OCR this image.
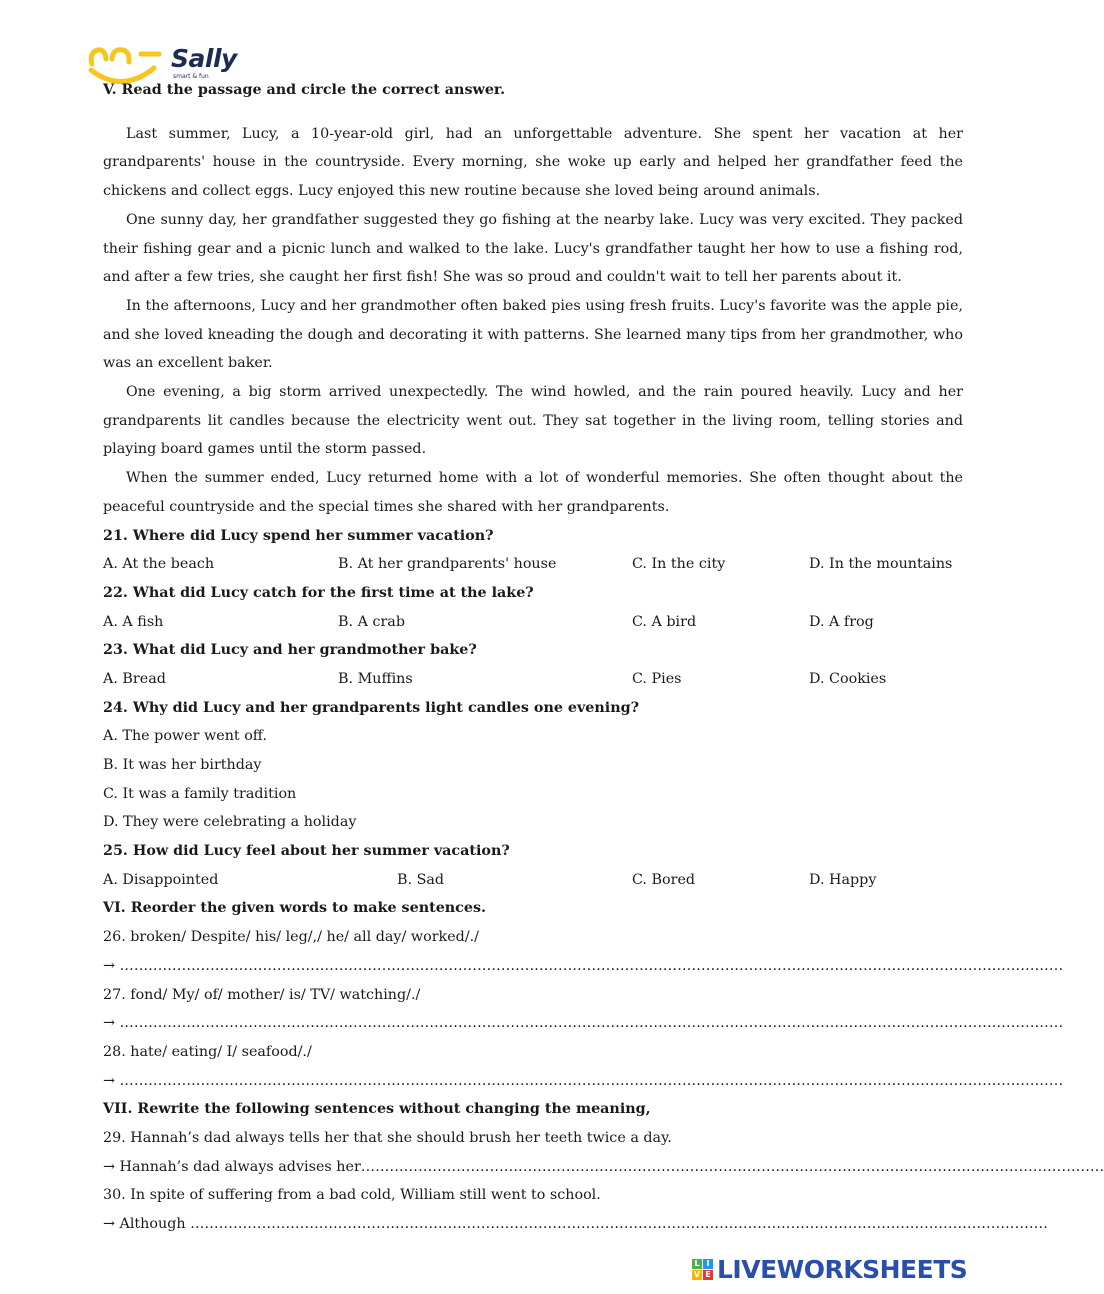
Sally
smart & fun
V. Read the passage and circle the correct answer.

Last summer, Lucy, a 10-year-old girl, had an unforgettable adventure. She spent her vacation at her grandparents' house in the countryside. Every morning, she woke up early and helped her grandfather feed the chickens and collect eggs. Lucy enjoyed this new routine because she loved being around animals.

One sunny day, her grandfather suggested they go fishing at the nearby lake. Lucy was very excited. They packed their fishing gear and a picnic lunch and walked to the lake. Lucy's grandfather taught her how to use a fishing rod, and after a few tries, she caught her first fish! She was so proud and couldn't wait to tell her parents about it.

In the afternoons, Lucy and her grandmother often baked pies using fresh fruits. Lucy's favorite was the apple pie, and she loved kneading the dough and decorating it with patterns. She learned many tips from her grandmother, who was an excellent baker.

One evening, a big storm arrived unexpectedly. The wind howled, and the rain poured heavily. Lucy and her grandparents lit candles because the electricity went out. They sat together in the living room, telling stories and playing board games until the storm passed.

When the summer ended, Lucy returned home with a lot of wonderful memories. She often thought about the peaceful countryside and the special times she shared with her grandparents.

21. Where did Lucy spend her summer vacation?
A. At the beach	B. At her grandparents' house	C. In the city	D. In the mountains
22. What did Lucy catch for the first time at the lake?
A. A fish	B. A crab	C. A bird	D. A frog
23. What did Lucy and her grandmother bake?
A. Bread	B. Muffins	C. Pies	D. Cookies
24. Why did Lucy and her grandparents light candles one evening?
A. The power went off.
B. It was her birthday
C. It was a family tradition
D. They were celebrating a holiday
25. How did Lucy feel about her summer vacation?
A. Disappointed	B. Sad	C. Bored	D. Happy
VI. Reorder the given words to make sentences.
26. broken/ Despite/ his/ leg/,/ he/ all day/ worked/./
→ ………………………………………………………………………………………………………………………………………………………………………………
27. fond/ My/ of/ mother/ is/ TV/ watching/./
→ ………………………………………………………………………………………………………………………………………………………………………………
28. hate/ eating/ I/ seafood/./
→ ………………………………………………………………………………………………………………………………………………………………………………
VII. Rewrite the following sentences without changing the meaning,
29. Hannah’s dad always tells her that she should brush her teeth twice a day.
→ Hannah’s dad always advises her…………………………………………………………………………………………………………………………………………
30. In spite of suffering from a bad cold, William still went to school.
→ Although ………………………………………………………………………………………………………………………………………………………………
L I
V E LIVEWORKSHEETS
